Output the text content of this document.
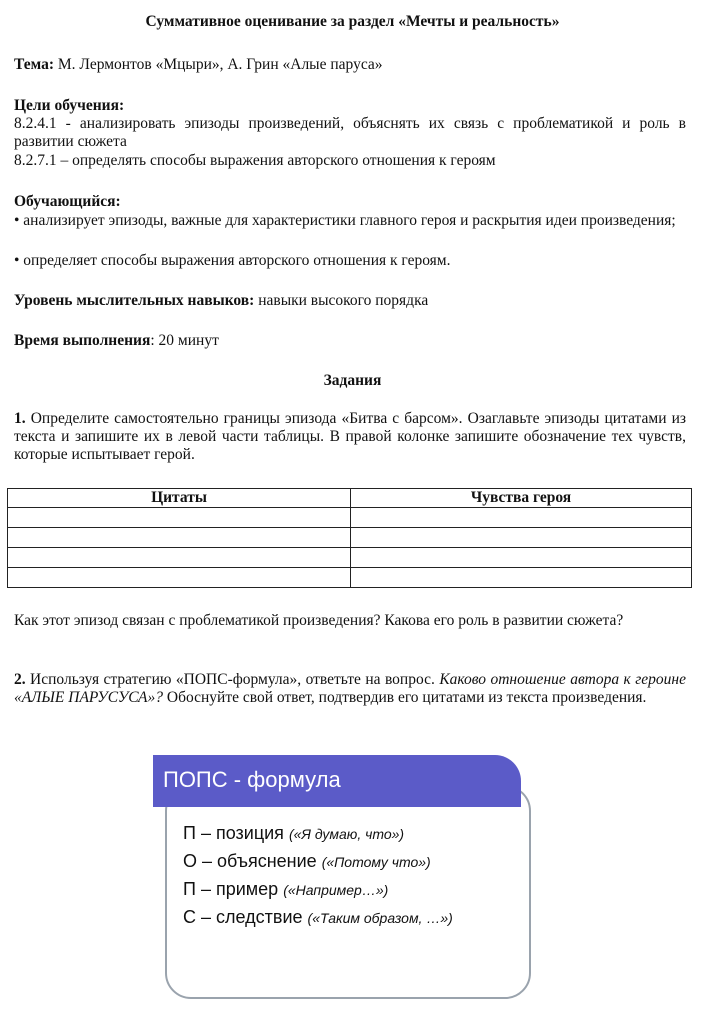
Суммативное оценивание за раздел «Мечты и реальность»
Тема: М. Лермонтов «Мцыри», А. Грин «Алые паруса»
Цели обучения:
8.2.4.1 - анализировать эпизоды произведений, объяснять их связь с проблематикой и роль в развитии сюжета
8.2.7.1 – определять способы выражения авторского отношения к героям
Обучающийся:
• анализирует эпизоды, важные для характеристики главного героя и раскрытия идеи произведения;
• определяет способы выражения авторского отношения к героям.
Уровень мыслительных навыков: навыки высокого порядка
Время выполнения: 20 минут
Задания
1. Определите самостоятельно границы эпизода «Битва с барсом». Озаглавьте эпизоды цитатами из текста и запишите их в левой части таблицы. В правой колонке запишите обозначение тех чувств, которые испытывает герой.
Цитаты	Чувства героя

Как этот эпизод связан с проблематикой произведения? Какова его роль в развитии сюжета?
2. Используя стратегию «ПОПС-формула», ответьте на вопрос. Каково отношение автора к героине «АЛЫЕ ПАРУСУСА»? Обоснуйте свой ответ, подтвердив его цитатами из текста произведения.
ПОПС - формула
П – позиция («Я думаю, что»)
О – объяснение («Потому что»)
П – пример («Например…»)
С – следствие («Таким образом, …»)
